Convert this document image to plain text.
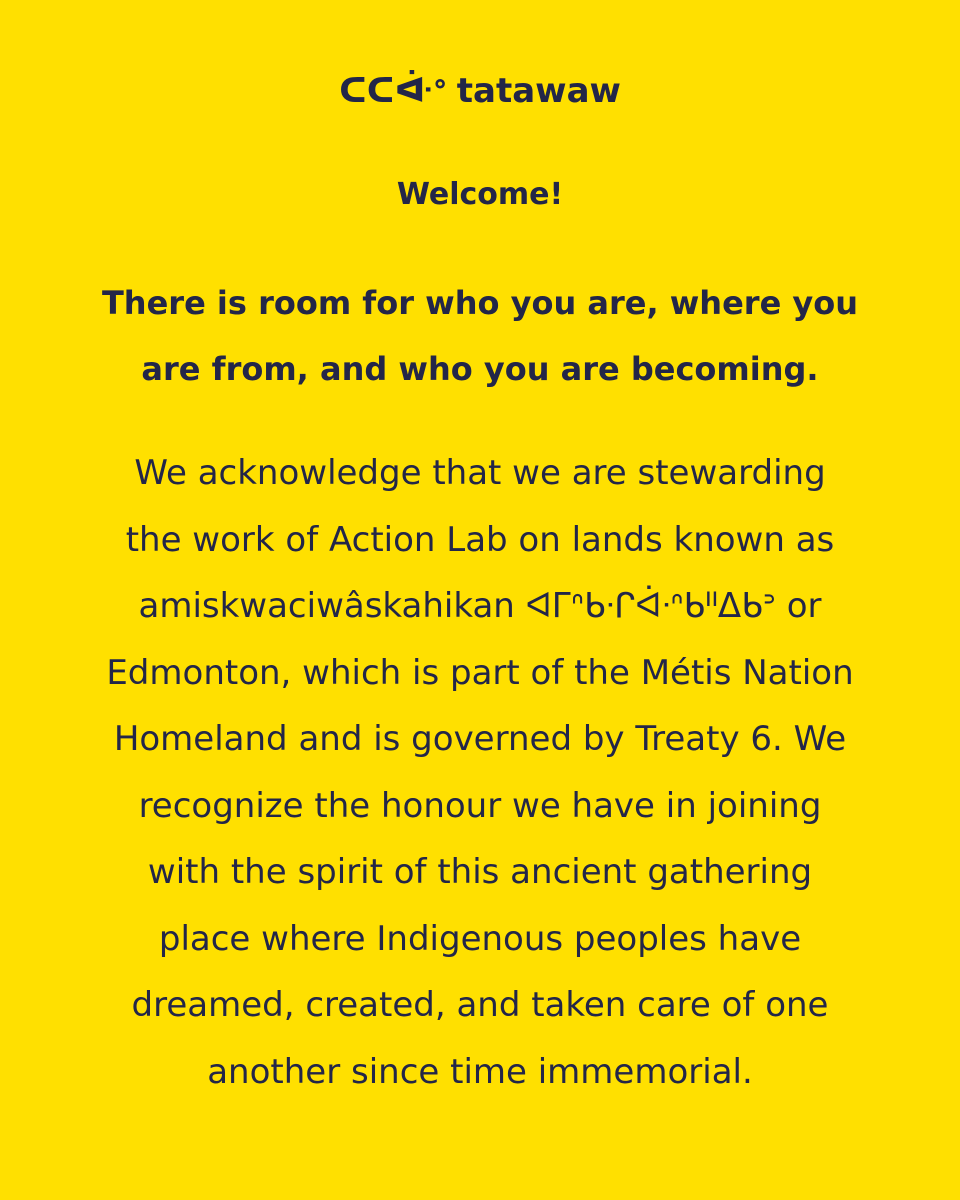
ᑕᑕᐚᐤ tatawaw
Welcome!
There is room for who you are, where you
are from, and who you are becoming.
We acknowledge that we are stewarding
the work of Action Lab on lands known as
amiskwaciwâskahikan ᐊᒥᐢᑲᐧᒋᐋᐧᐢᑲᐦᐃᑲᐣ or
Edmonton, which is part of the Métis Nation
Homeland and is governed by Treaty 6. We
recognize the honour we have in joining
with the spirit of this ancient gathering
place where Indigenous peoples have
dreamed, created, and taken care of one
another since time immemorial.
